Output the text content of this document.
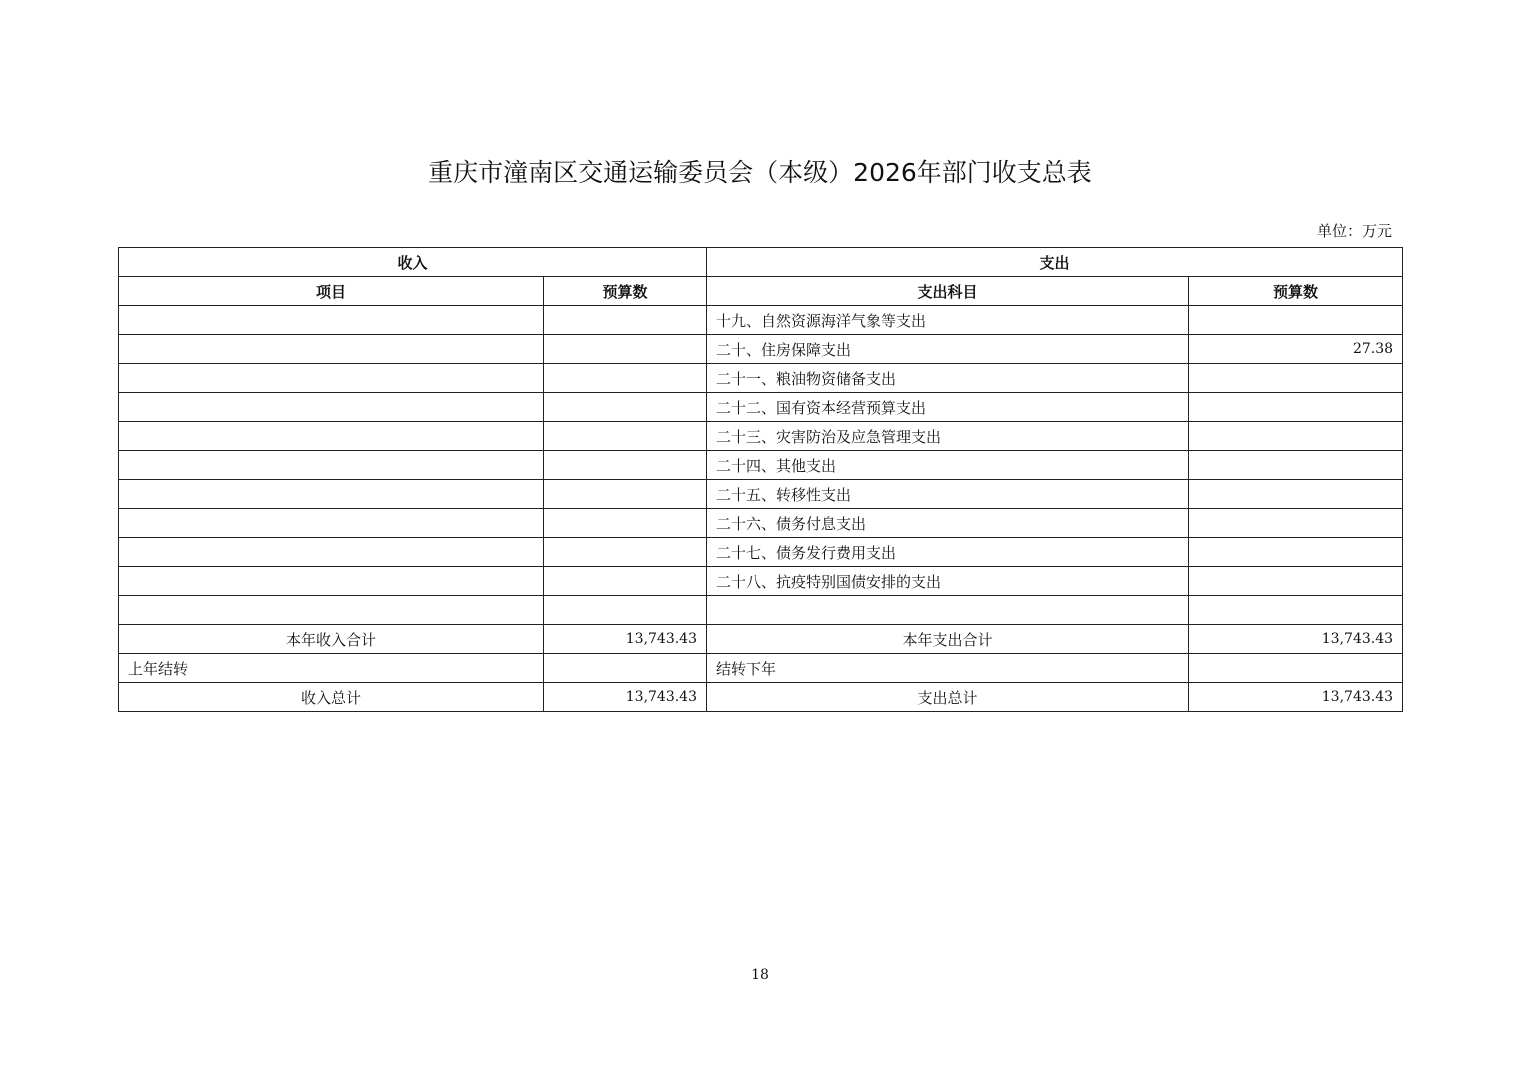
重庆市潼南区交通运输委员会（本级）2026年部门收支总表
单位：万元
收入		支出	
项目	预算数	支出科目	预算数
		十九、自然资源海洋气象等支出	
		二十、住房保障支出	27.38
		二十一、粮油物资储备支出	
		二十二、国有资本经营预算支出	
		二十三、灾害防治及应急管理支出	
		二十四、其他支出	
		二十五、转移性支出	
		二十六、债务付息支出	
		二十七、债务发行费用支出	
		二十八、抗疫特别国债安排的支出	

本年收入合计	13,743.43	本年支出合计	13,743.43
上年结转		结转下年	
收入总计	13,743.43	支出总计	13,743.43
18
